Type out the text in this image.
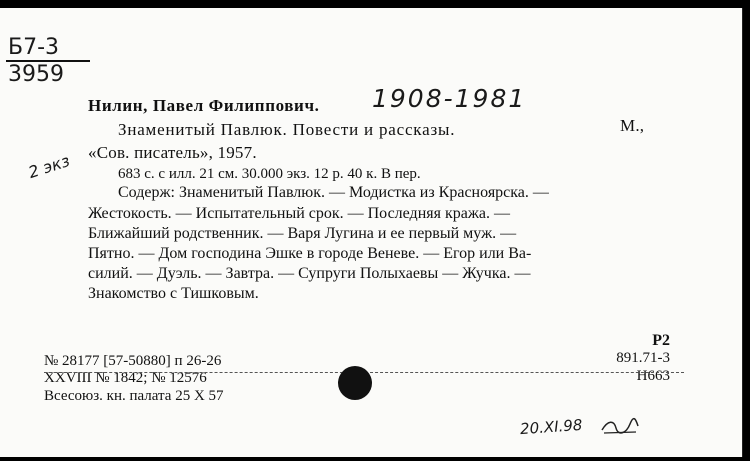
Б7-3
3959
Нилин, Павел Филиппович. 1908-1981
Знаменитый Павлюк. Повести и рассказы.	М.,
2 экз «Сов. писатель», 1957.
683 с. с илл. 21 см. 30.000 экз. 12 р. 40 к. В пер.
Содерж: Знаменитый Павлюк. — Модистка из Красноярска. —
Жестокость. — Испытательный срок. — Последняя кража. —
Ближайший родственник. — Варя Лугина и ее первый муж. —
Пятно. — Дом господина Эшке в городе Веневе. — Егор или Ва-
силий. — Дуэль. — Завтра. — Супруги Полыхаевы — Жучка. —
Знакомство с Тишковым.
№ 28177 [57-50880] п 26-26
XXVIII № 1842; № 12576
Всесоюз. кн. палата 25 X 57
Р2
891.71-3
Н663
20.XI.98
